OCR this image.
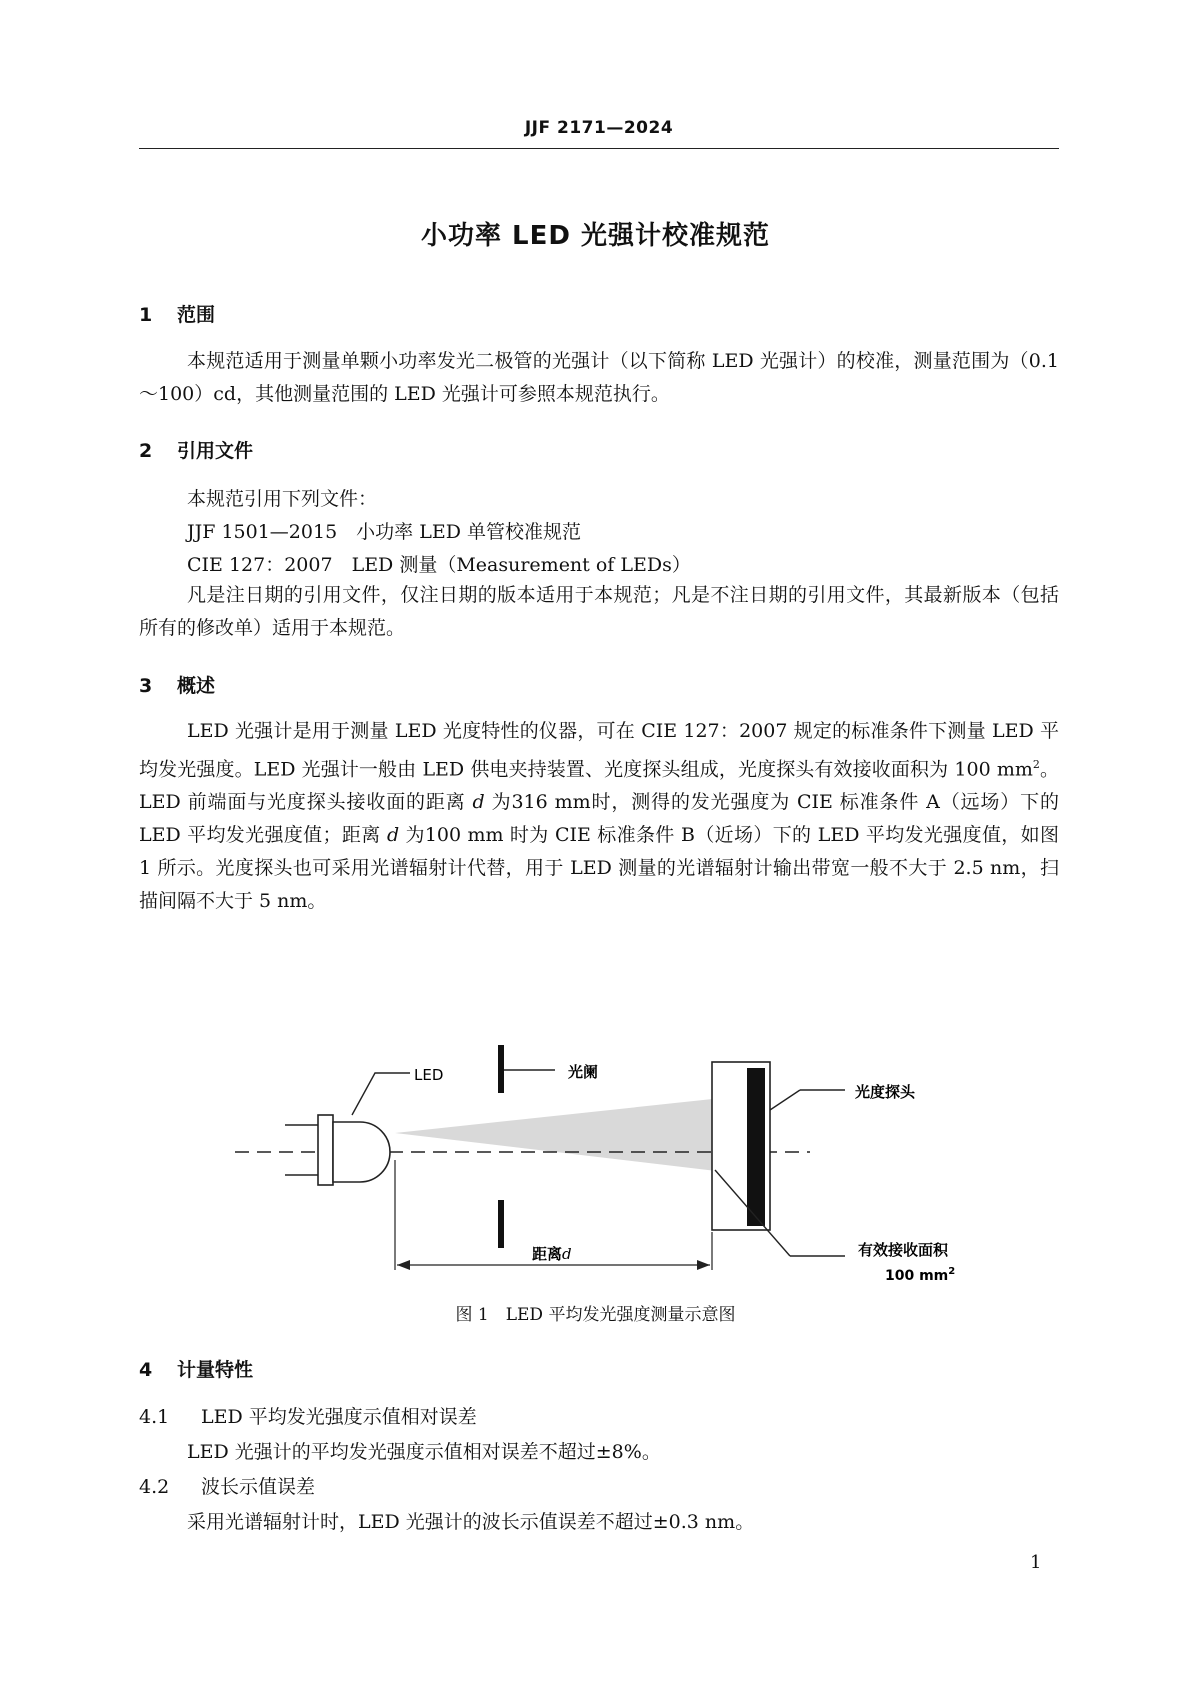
JJF 2171—2024
小功率 LED 光强计校准规范
1 范围
本规范适用于测量单颗小功率发光二极管的光强计（以下简称 LED 光强计）的校准，测量范围为（0.1～100）cd，其他测量范围的 LED 光强计可参照本规范执行。
2 引用文件
本规范引用下列文件：
JJF 1501—2015　小功率 LED 单管校准规范
CIE 127：2007　LED 测量（Measurement of LEDs）
凡是注日期的引用文件，仅注日期的版本适用于本规范；凡是不注日期的引用文件，其最新版本（包括所有的修改单）适用于本规范。
3 概述
LED 光强计是用于测量 LED 光度特性的仪器，可在 CIE 127：2007 规定的标准条件下测量 LED 平均发光强度。LED 光强计一般由 LED 供电夹持装置、光度探头组成，光度探头有效接收面积为 100 $mm^2$。LED 前端面与光度探头接收面的距离 d 为316 mm时，测得的发光强度为 CIE 标准条件 A（远场）下的 LED 平均发光强度值；距离 d 为100 mm 时为 CIE 标准条件 B（近场）下的 LED 平均发光强度值，如图 1 所示。光度探头也可采用光谱辐射计代替，用于 LED 测量的光谱辐射计输出带宽一般不大于 2.5 nm，扫描间隔不大于 5 nm。
LED	光阑
光度探头
有效接收面积
100 $mm^2$
距离d
图 1　LED 平均发光强度测量示意图
4 计量特性
4.1 LED 平均发光强度示值相对误差
LED 光强计的平均发光强度示值相对误差不超过±8%。
4.2 波长示值误差
采用光谱辐射计时，LED 光强计的波长示值误差不超过±0.3 nm。
1
